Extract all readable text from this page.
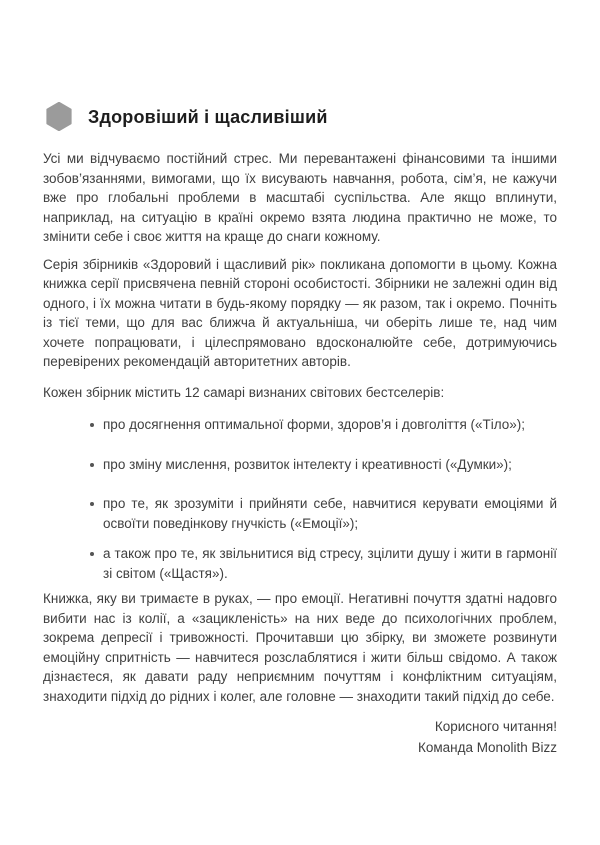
Здоровіший і щасливіший

Усі ми відчуваємо постійний стрес. Ми перевантажені фінансовими та іншими зобов’язаннями, вимогами, що їх висувають навчання, робота, сім’я, не кажучи вже про глобальні проблеми в масштабі суспільства. Але якщо вплинути, наприклад, на ситуацію в країні окремо взята людина практично не може, то змінити себе і своє життя на краще до снаги кожному.

Серія збірників «Здоровий і щасливий рік» покликана допомогти в цьому. Кожна книжка серії присвячена певній стороні особистості. Збірники не залежні один від одного, і їх можна читати в будь-якому порядку — як разом, так і окремо. Почніть із тієї теми, що для вас ближча й актуальніша, чи оберіть лише те, над чим хочете попрацювати, і цілеспрямовано вдосконалюйте себе, дотримуючись перевірених рекомендацій авторитетних авторів.

Кожен збірник містить 12 самарі визнаних світових бестселерів:

про досягнення оптимальної форми, здоров’я і довголіття («Тіло»);
про зміну мислення, розвиток інтелекту і креативності («Думки»);
про те, як зрозуміти і прийняти себе, навчитися керувати емоціями й освоїти поведінкову гнучкість («Емоції»);
а також про те, як звільнитися від стресу, зцілити душу і жити в гармонії зі світом («Щастя»).

Книжка, яку ви тримаєте в руках, — про емоції. Негативні почуття здатні надовго вибити нас із колії, а «зацикленість» на них веде до психологічних проблем, зокрема депресії і тривожності. Прочитавши цю збірку, ви зможете розвинути емоційну спритність — навчитеся розслаблятися і жити більш свідомо. А також дізнаєтеся, як давати раду неприємним почуттям і конфліктним ситуаціям, знаходити підхід до рідних і колег, але головне — знаходити такий підхід до себе.

Корисного читання!
Команда Monolith Bizz
